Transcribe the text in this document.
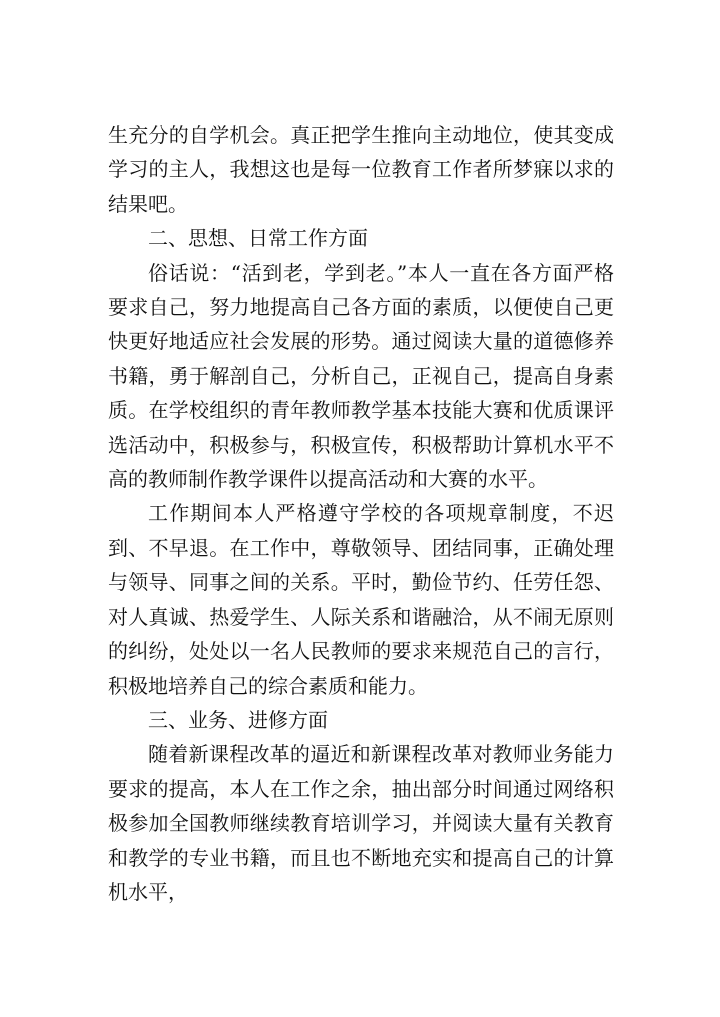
生充分的自学机会。真正把学生推向主动地位，使其变成学习的主人，我想这也是每一位教育工作者所梦寐以求的结果吧。

二、思想、日常工作方面

俗话说：“活到老，学到老。”本人一直在各方面严格要求自己，努力地提高自己各方面的素质，以便使自己更快更好地适应社会发展的形势。通过阅读大量的道德修养书籍，勇于解剖自己，分析自己，正视自己，提高自身素质。在学校组织的青年教师教学基本技能大赛和优质课评选活动中，积极参与，积极宣传，积极帮助计算机水平不高的教师制作教学课件以提高活动和大赛的水平。

工作期间本人严格遵守学校的各项规章制度，不迟到、不早退。在工作中，尊敬领导、团结同事，正确处理与领导、同事之间的关系。平时，勤俭节约、任劳任怨、对人真诚、热爱学生、人际关系和谐融洽，从不闹无原则的纠纷，处处以一名人民教师的要求来规范自己的言行，积极地培养自己的综合素质和能力。

三、业务、进修方面

随着新课程改革的逼近和新课程改革对教师业务能力要求的提高，本人在工作之余，抽出部分时间通过网络积极参加全国教师继续教育培训学习，并阅读大量有关教育和教学的专业书籍，而且也不断地充实和提高自己的计算机水平，
